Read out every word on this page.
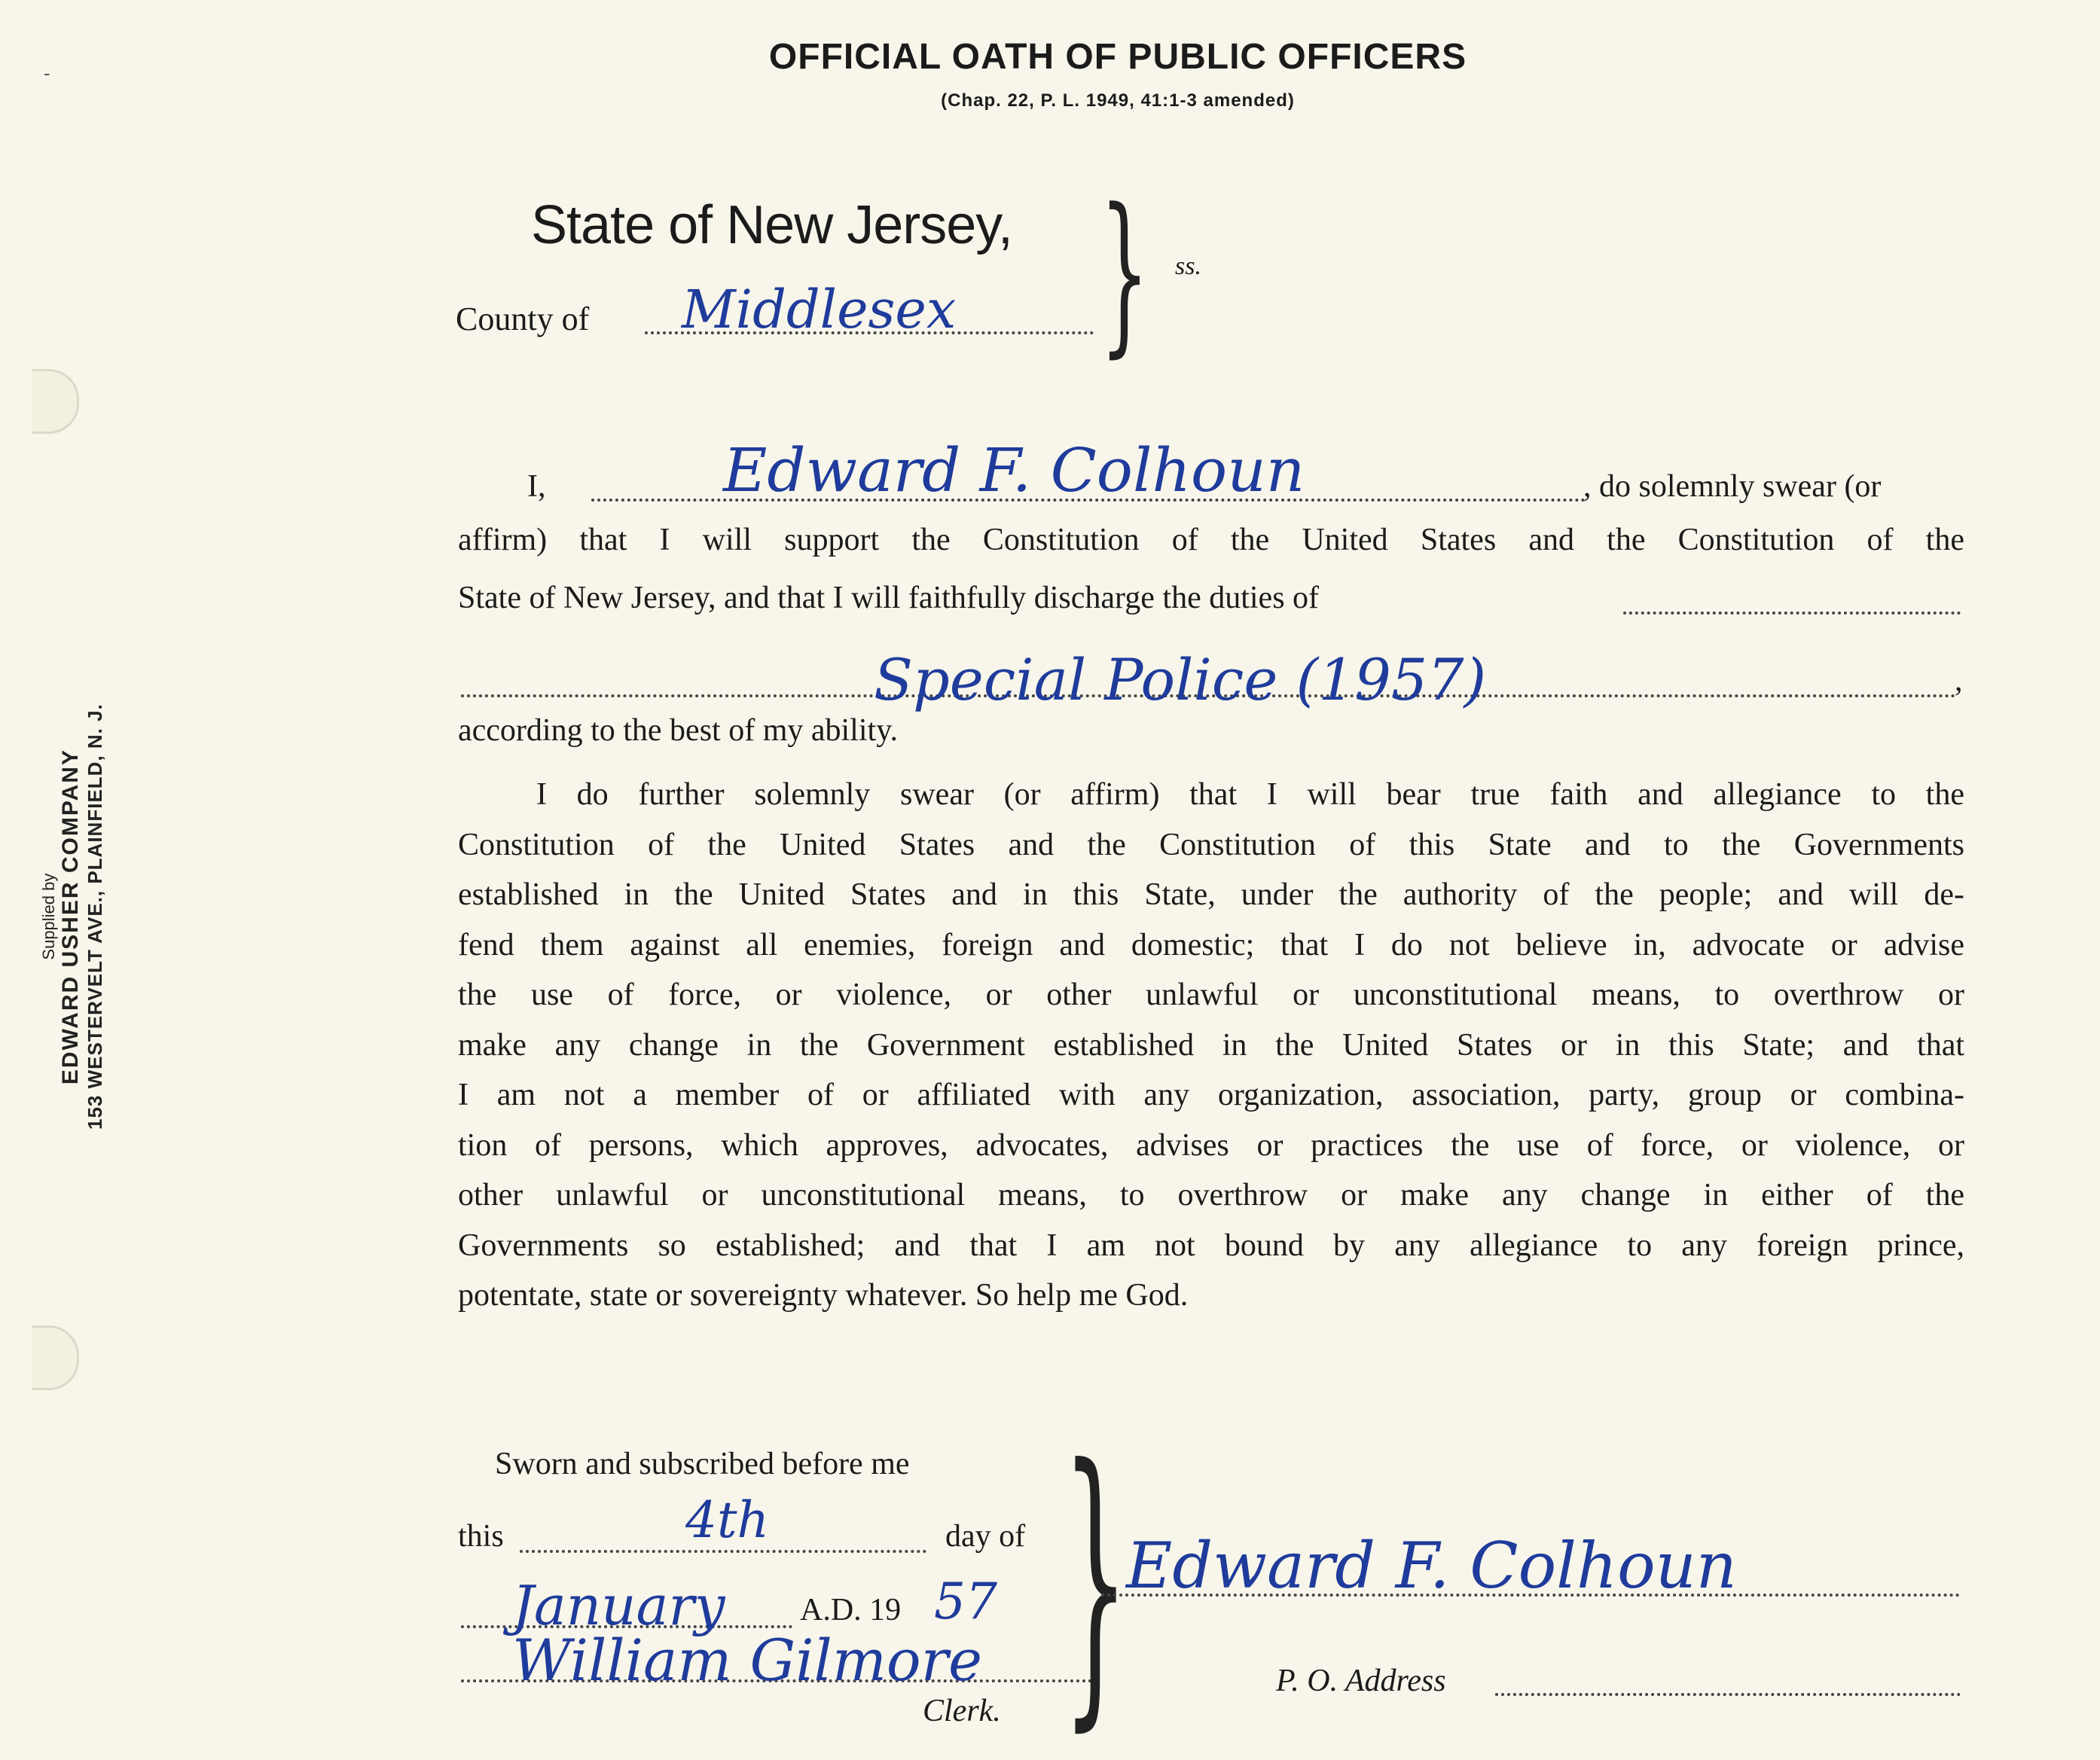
-
Supplied by EDWARD USHER COMPANY 153 WESTERVELT AVE., PLAINFIELD, N. J.
OFFICIAL OATH OF PUBLIC OFFICERS
(Chap. 22, P. L. 1949, 41:1-3 amended)
State of New Jersey,
County of Middlesex } ss.
I,	Edward F. Colhoun	, do solemnly swear (or
affirm) that I will support the Constitution of the United States and the Constitution of the
State of New Jersey, and that I will faithfully discharge the duties of
Special Police (1957)	,
according to the best of my ability.
I do further solemnly swear (or affirm) that I will bear true faith and allegiance to the
Constitution of the United States and the Constitution of this State and to the Governments
established in the United States and in this State, under the authority of the people; and will de-
fend them against all enemies, foreign and domestic; that I do not believe in, advocate or advise
the use of force, or violence, or other unlawful or unconstitutional means, to overthrow or
make any change in the Government established in the United States or in this State; and that
I am not a member of or affiliated with any organization, association, party, group or combina-
tion of persons, which approves, advocates, advises or practices the use of force, or violence, or
other unlawful or unconstitutional means, to overthrow or make any change in either of the
Governments so established; and that I am not bound by any allegiance to any foreign prince,
potentate, state or sovereignty whatever. So help me God.
Sworn and subscribed before me
this	4th	day of
January A.D. 19 57
William Gilmore
Clerk. }
Edward F. Colhoun
P. O. Address
